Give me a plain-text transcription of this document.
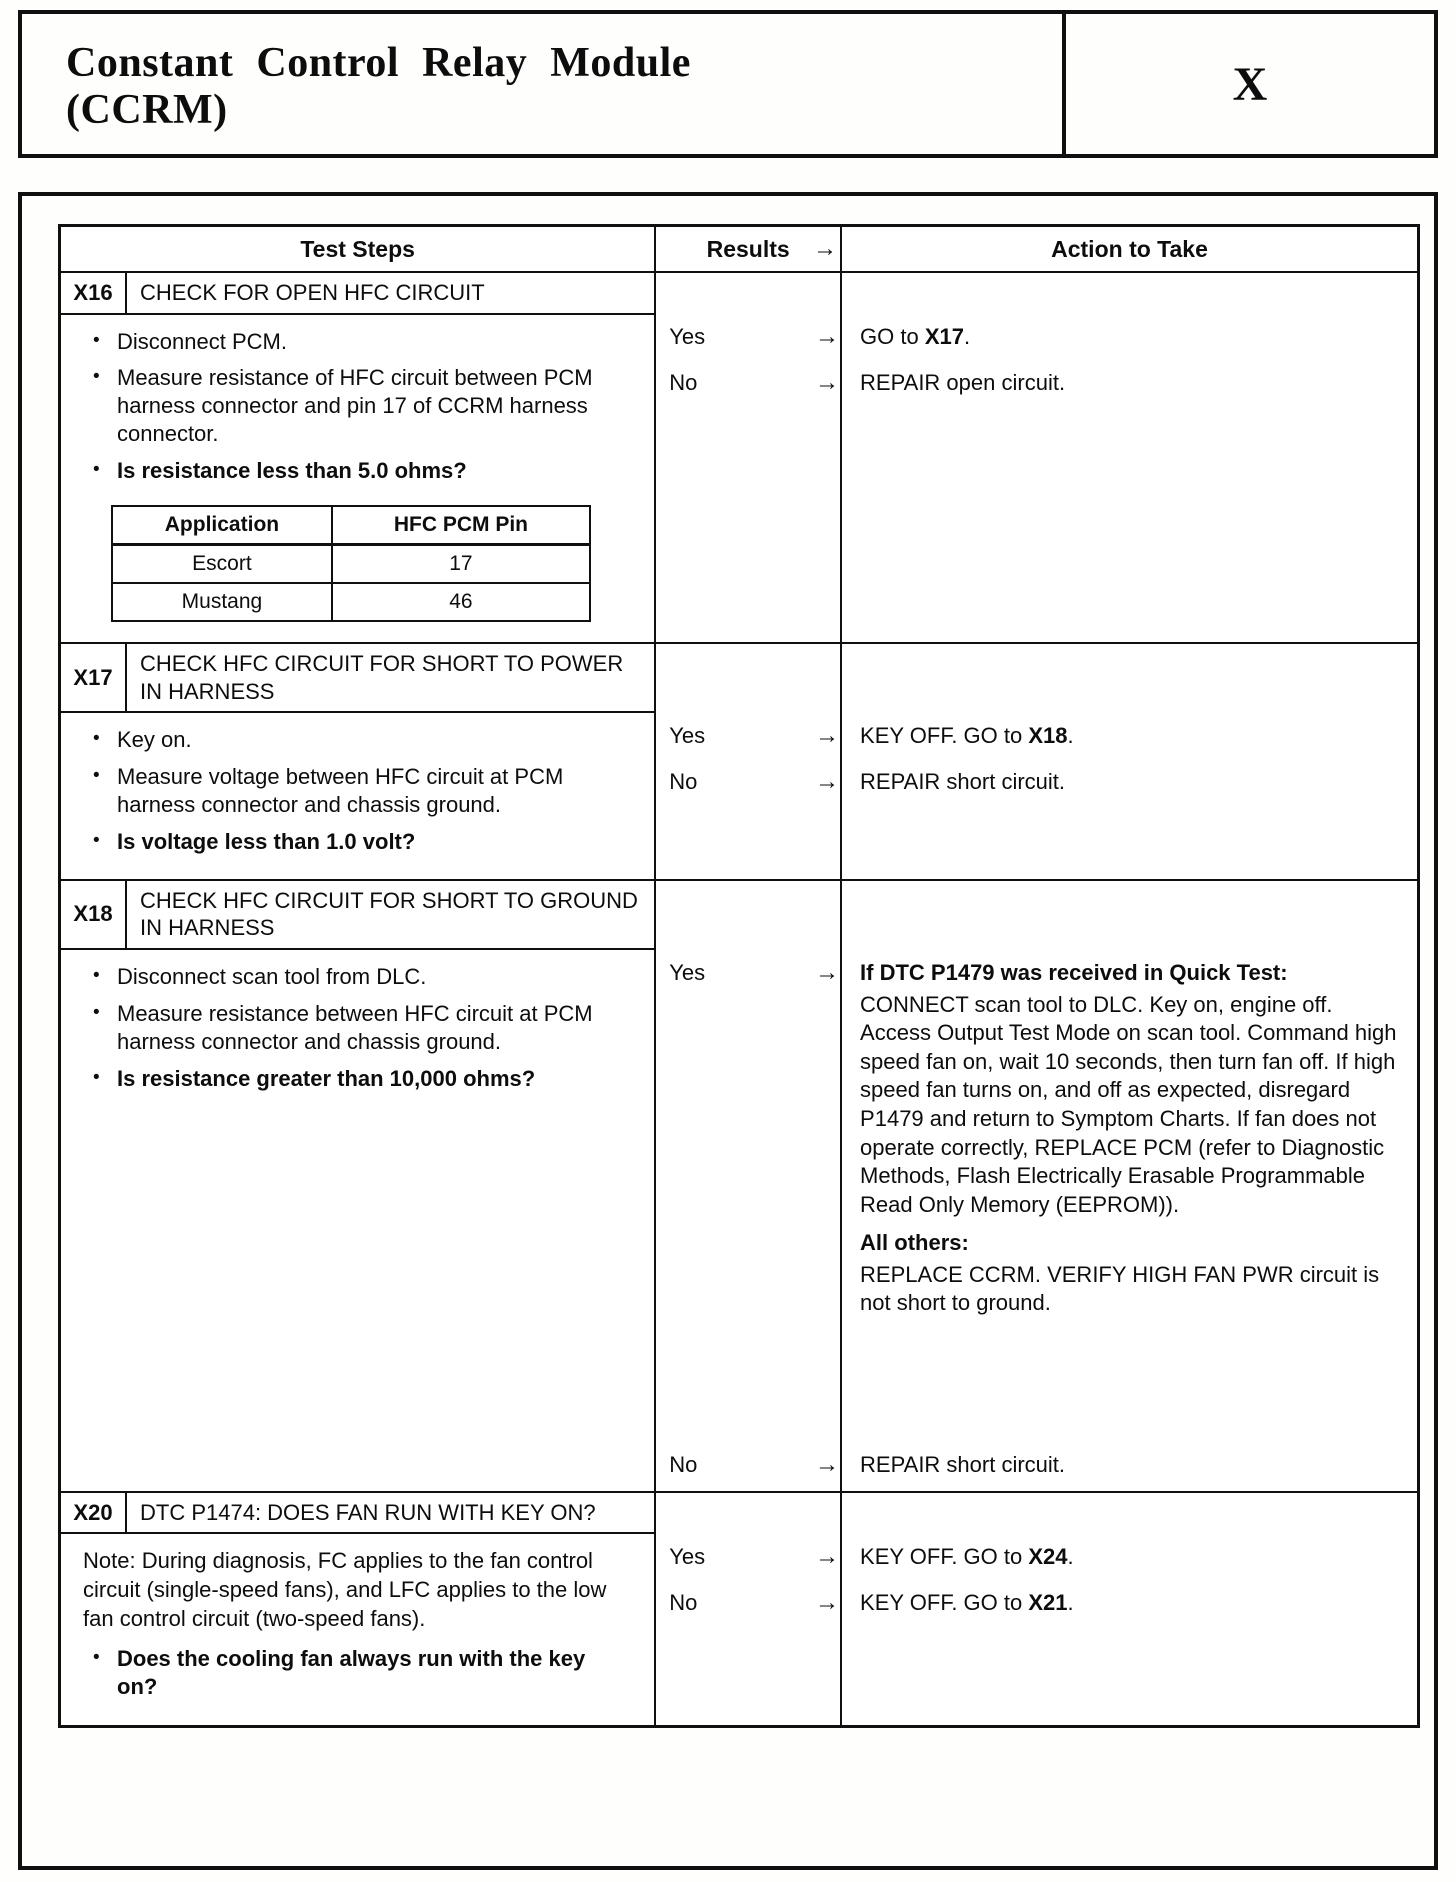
Constant Control Relay Module
(CCRM)	X
Test Steps	Results →	Action to Take
X16	CHECK FOR OPEN HFC CIRCUIT
• Disconnect PCM.
• Measure resistance of HFC circuit between PCM harness connector and pin 17 of CCRM harness connector.
• Is resistance less than 5.0 ohms?
Application	HFC PCM Pin
Escort	17
Mustang	46
Yes	→ GO to X17.
No	→ REPAIR open circuit.
X17
CHECK HFC CIRCUIT FOR SHORT TO POWER IN HARNESS
• Key on.
• Measure voltage between HFC circuit at PCM harness connector and chassis ground.
• Is voltage less than 1.0 volt?
Yes	→ KEY OFF. GO to X18.
No	→ REPAIR short circuit.
X18
CHECK HFC CIRCUIT FOR SHORT TO GROUND IN HARNESS
• Disconnect scan tool from DLC.
• Measure resistance between HFC circuit at PCM harness connector and chassis ground.
• Is resistance greater than 10,000 ohms?
Yes	→ If DTC P1479 was received in Quick Test:
CONNECT scan tool to DLC. Key on, engine off. Access Output Test Mode on scan tool. Command high speed fan on, wait 10 seconds, then turn fan off. If high speed fan turns on, and off as expected, disregard P1479 and return to Symptom Charts. If fan does not operate correctly, REPLACE PCM (refer to Diagnostic Methods, Flash Electrically Erasable Programmable Read Only Memory (EEPROM)).
All others:
REPLACE CCRM. VERIFY HIGH FAN PWR circuit is not short to ground.
No	→ REPAIR short circuit.
X20	DTC P1474: DOES FAN RUN WITH KEY ON?
Note: During diagnosis, FC applies to the fan control circuit (single-speed fans), and LFC applies to the low fan control circuit (two-speed fans).
• Does the cooling fan always run with the key on?
Yes	→ KEY OFF. GO to X24.
No	→ KEY OFF. GO to X21.
